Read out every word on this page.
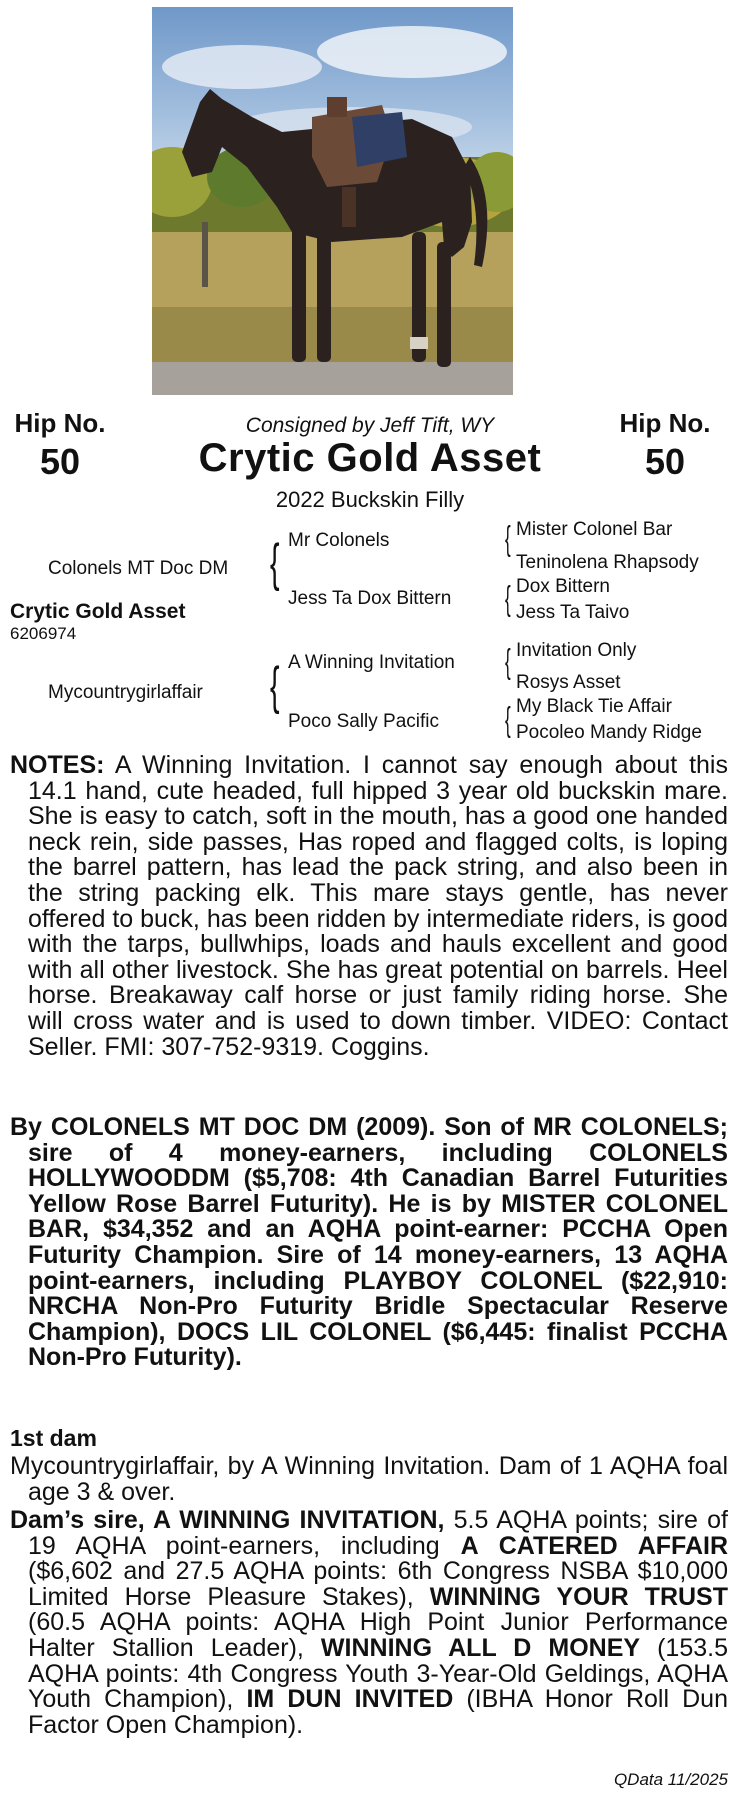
Hip No.
50
Hip No.
50
Consigned by Jeff Tift, WY
Crytic Gold Asset
2022 Buckskin Filly
Colonels MT Doc DM
Crytic Gold Asset
6206974
Mycountrygirlaffair
{
{
Mr Colonels
Jess Ta Dox Bittern
A Winning Invitation
Poco Sally Pacific
{
{
{
{
Mister Colonel Bar
Teninolena Rhapsody
Dox Bittern
Jess Ta Taivo
Invitation Only
Rosys Asset
My Black Tie Affair
Pocoleo Mandy Ridge
NOTES: A Winning Invitation. I cannot say enough about this 14.1 hand, cute headed, full hipped 3 year old buckskin mare. She is easy to catch, soft in the mouth, has a good one handed neck rein, side passes, Has roped and flagged colts, is loping the barrel pattern, has lead the pack string, and also been in the string packing elk. This mare stays gentle, has never offered to buck, has been ridden by intermediate riders, is good with the tarps, bullwhips, loads and hauls excellent and good with all other livestock. She has great potential on barrels. Heel horse. Breakaway calf horse or just family riding horse. She will cross water and is used to down timber. VIDEO: Contact Seller. FMI: 307-752-9319. Coggins.
By COLONELS MT DOC DM (2009). Son of MR COLONELS; sire of 4 money-earners, including COLONELS HOLLYWOODDM ($5,708: 4th Canadian Barrel Futurities Yellow Rose Barrel Futurity). He is by MISTER COLONEL BAR, $34,352 and an AQHA point-earner: PCCHA Open Futurity Champion. Sire of 14 money-earners, 13 AQHA point-earners, including PLAYBOY COLONEL ($22,910: NRCHA Non-Pro Futurity Bridle Spectacular Reserve Champion), DOCS LIL COLONEL ($6,445: finalist PCCHA Non-Pro Futurity).
1st dam
Mycountrygirlaffair, by A Winning Invitation. Dam of 1 AQHA foal age 3 & over.
Dam’s sire, A WINNING INVITATION, 5.5 AQHA points; sire of 19 AQHA point-earners, including A CATERED AFFAIR ($6,602 and 27.5 AQHA points: 6th Congress NSBA $10,000 Limited Horse Pleasure Stakes), WINNING YOUR TRUST (60.5 AQHA points: AQHA High Point Junior Performance Halter Stallion Leader), WINNING ALL D MONEY (153.5 AQHA points: 4th Congress Youth 3-Year-Old Geldings, AQHA Youth Champion), IM DUN INVITED (IBHA Honor Roll Dun Factor Open Champion).
QData 11/2025
